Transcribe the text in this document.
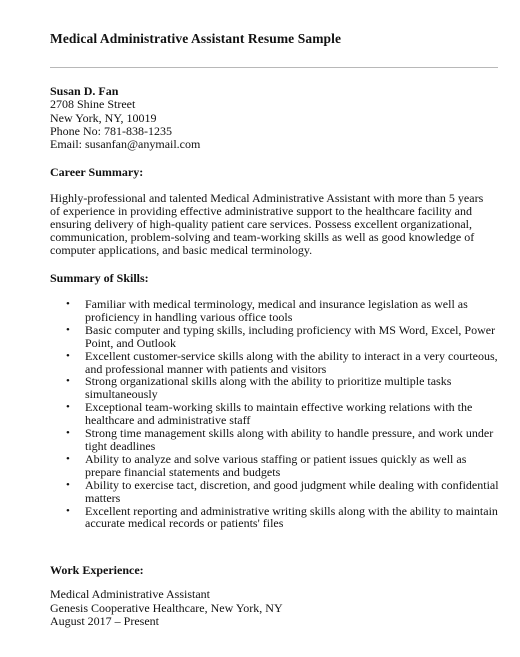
Medical Administrative Assistant Resume Sample
Susan D. Fan
2708 Shine Street
New York, NY, 10019
Phone No: 781-838-1235
Email: susanfan@anymail.com
Career Summary:
Highly-professional and talented Medical Administrative Assistant with more than 5 years of experience in providing effective administrative support to the healthcare facility and ensuring delivery of high-quality patient care services. Possess excellent organizational, communication, problem-solving and team-working skills as well as good knowledge of computer applications, and basic medical terminology.
Summary of Skills:
• Familiar with medical terminology, medical and insurance legislation as well as proficiency in handling various office tools
• Basic computer and typing skills, including proficiency with MS Word, Excel, Power Point, and Outlook
• Excellent customer-service skills along with the ability to interact in a very courteous, and professional manner with patients and visitors
• Strong organizational skills along with the ability to prioritize multiple tasks simultaneously
• Exceptional team-working skills to maintain effective working relations with the healthcare and administrative staff
• Strong time management skills along with ability to handle pressure, and work under tight deadlines
• Ability to analyze and solve various staffing or patient issues quickly as well as prepare financial statements and budgets
• Ability to exercise tact, discretion, and good judgment while dealing with confidential matters
• Excellent reporting and administrative writing skills along with the ability to maintain accurate medical records or patients' files
Work Experience:
Medical Administrative Assistant
Genesis Cooperative Healthcare, New York, NY
August 2017 – Present
